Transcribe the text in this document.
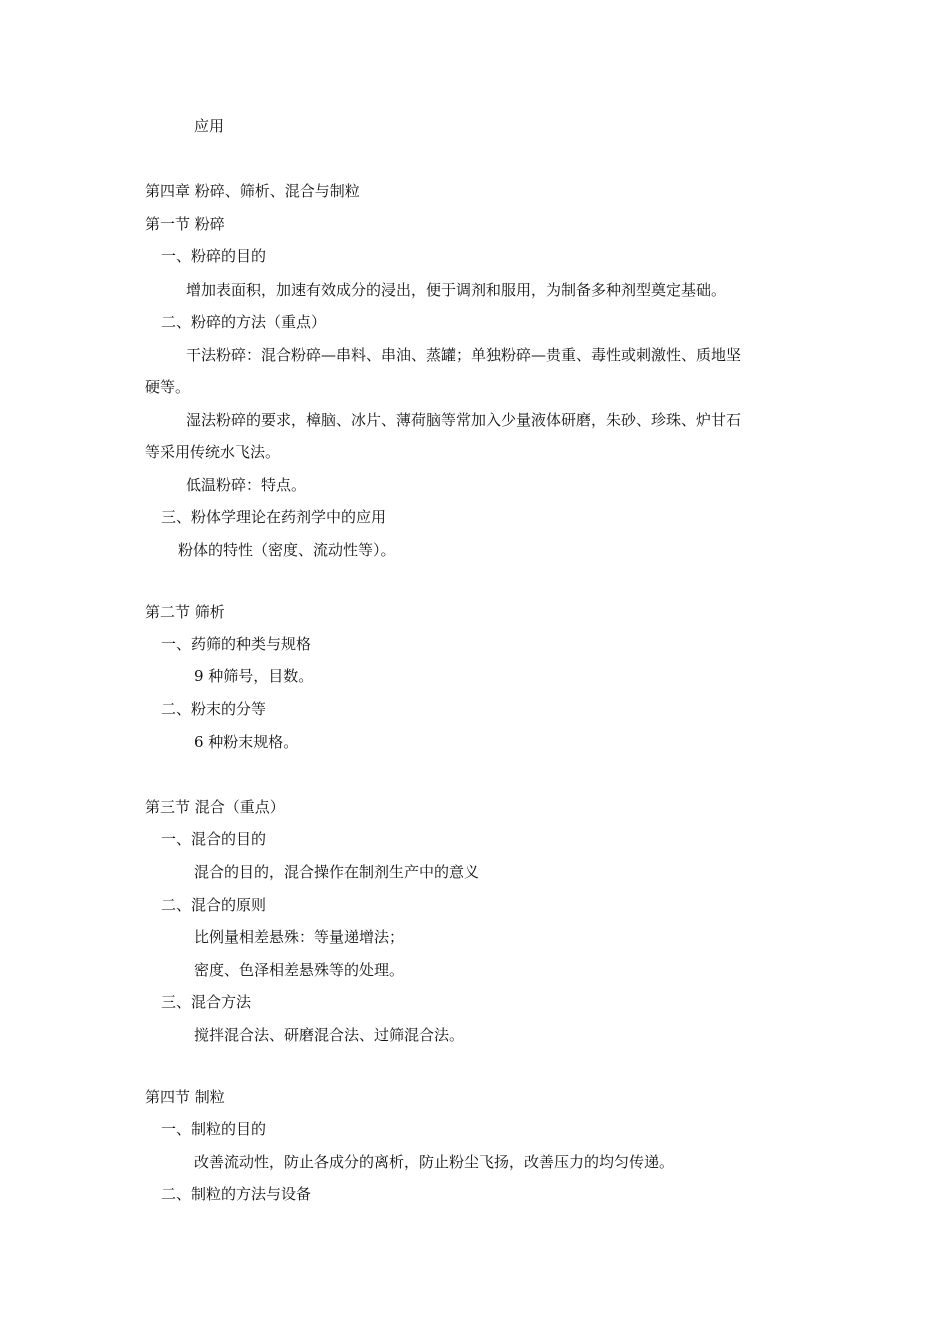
应用
第四章 粉碎、筛析、混合与制粒
第一节 粉碎
一、粉碎的目的
增加表面积，加速有效成分的浸出，便于调剂和服用，为制备多种剂型奠定基础。
二、粉碎的方法（重点）
干法粉碎：混合粉碎—串料、串油、蒸罐；单独粉碎—贵重、毒性或刺激性、质地坚
硬等。
湿法粉碎的要求，樟脑、冰片、薄荷脑等常加入少量液体研磨，朱砂、珍珠、炉甘石
等采用传统水飞法。
低温粉碎：特点。
三、粉体学理论在药剂学中的应用
粉体的特性（密度、流动性等）。
第二节 筛析
一、药筛的种类与规格
9 种筛号，目数。
二、粉末的分等
6 种粉末规格。
第三节 混合（重点）
一、混合的目的
混合的目的，混合操作在制剂生产中的意义
二、混合的原则
比例量相差悬殊：等量递增法；
密度、色泽相差悬殊等的处理。
三、混合方法
搅拌混合法、研磨混合法、过筛混合法。
第四节 制粒
一、制粒的目的
改善流动性，防止各成分的离析，防止粉尘飞扬，改善压力的均匀传递。
二、制粒的方法与设备
